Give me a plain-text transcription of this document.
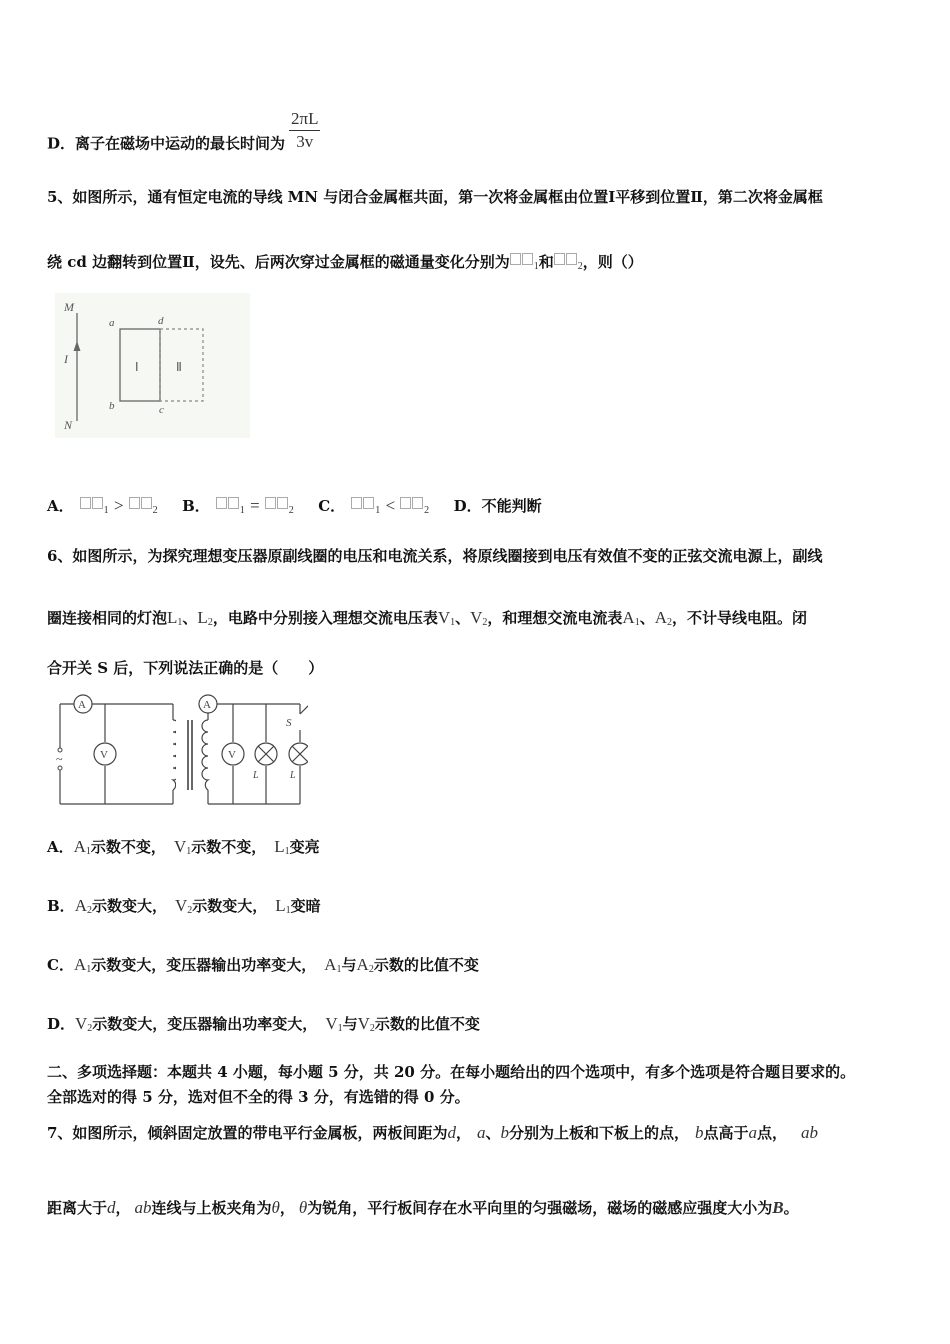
D．离子在磁场中运动的最长时间为 $\frac{2\pi L}{3v}$
5、如图所示，通有恒定电流的导线 MN 与闭合金属框共面，第一次将金属框由位置Ⅰ平移到位置Ⅱ，第二次将金属框
绕 cd 边翻转到位置Ⅱ，设先、后两次穿过金属框的磁通量变化分别为 $_1$和 $_2$，则（）
M
I
N
a	d
b	c
Ⅰ	Ⅱ
A．	$_1$ >	$_2$ B．	$_1$ =	$_2$ C．	$_1$ <	$_2$ D．不能判断
6、如图所示，为探究理想变压器原副线圈的电压和电流关系，将原线圈接到电压有效值不变的正弦交流电源上，副线
圈连接相同的灯泡$L_1$、$L_2$，电路中分别接入理想交流电压表$V_1$、$V_2$，和理想交流电流表$A_1$、$A_2$，不计导线电阻。闭
合开关 S 后，下列说法正确的是（　　）
~
A
V
A
V
S
L	L
A．$A_1$示数不变， $V_1$示数不变， $L_1$变亮
B．$A_2$示数变大， $V_2$示数变大， $L_1$变暗
C．$A_1$示数变大，变压器输出功率变大， $A_1$与$A_2$示数的比值不变
D．$V_2$示数变大，变压器输出功率变大， $V_1$与$V_2$示数的比值不变
二、多项选择题：本题共 4 小题，每小题 5 分，共 20 分。在每小题给出的四个选项中，有多个选项是符合题目要求的。
全部选对的得 5 分，选对但不全的得 3 分，有选错的得 0 分。
7、如图所示，倾斜固定放置的带电平行金属板，两板间距为d， a、b分别为上板和下板上的点， b点高于a点， ab
距离大于d， ab连线与上板夹角为θ， θ为锐角，平行板间存在水平向里的匀强磁场，磁场的磁感应强度大小为B。
